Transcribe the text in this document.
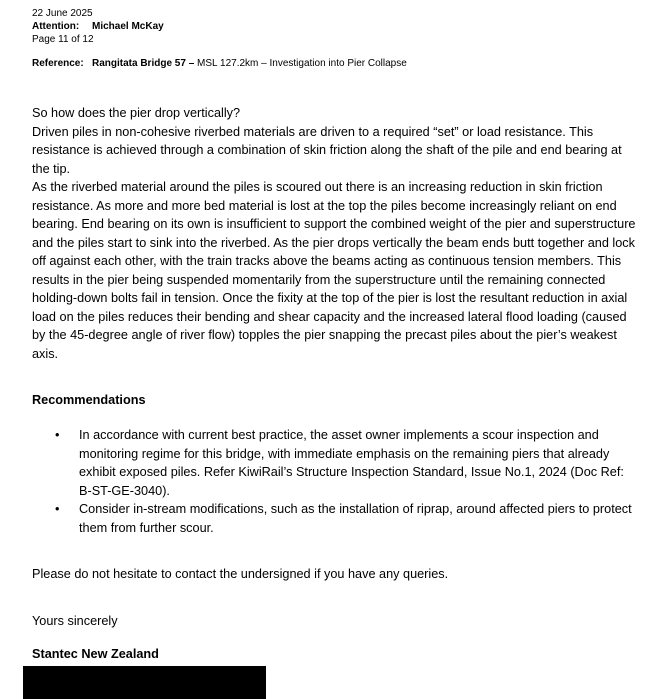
22 June 2025
Attention: Michael McKay
Page 11 of 12
Reference: Rangitata Bridge 57 – MSL 127.2km – Investigation into Pier Collapse
So how does the pier drop vertically?
Driven piles in non-cohesive riverbed materials are driven to a required “set” or load resistance. This resistance is achieved through a combination of skin friction along the shaft of the pile and end bearing at the tip.
As the riverbed material around the piles is scoured out there is an increasing reduction in skin friction resistance. As more and more bed material is lost at the top the piles become increasingly reliant on end bearing. End bearing on its own is insufficient to support the combined weight of the pier and superstructure and the piles start to sink into the riverbed. As the pier drops vertically the beam ends butt together and lock off against each other, with the train tracks above the beams acting as continuous tension members. This results in the pier being suspended momentarily from the superstructure until the remaining connected holding-down bolts fail in tension. Once the fixity at the top of the pier is lost the resultant reduction in axial load on the piles reduces their bending and shear capacity and the increased lateral flood loading (caused by the 45-degree angle of river flow) topples the pier snapping the precast piles about the pier’s weakest axis.
Recommendations
• In accordance with current best practice, the asset owner implements a scour inspection and monitoring regime for this bridge, with immediate emphasis on the remaining piers that already exhibit exposed piles. Refer KiwiRail’s Structure Inspection Standard, Issue No.1, 2024 (Doc Ref: B-ST-GE-3040).
• Consider in-stream modifications, such as the installation of riprap, around affected piers to protect them from further scour.
Please do not hesitate to contact the undersigned if you have any queries.
Yours sincerely
Stantec New Zealand
